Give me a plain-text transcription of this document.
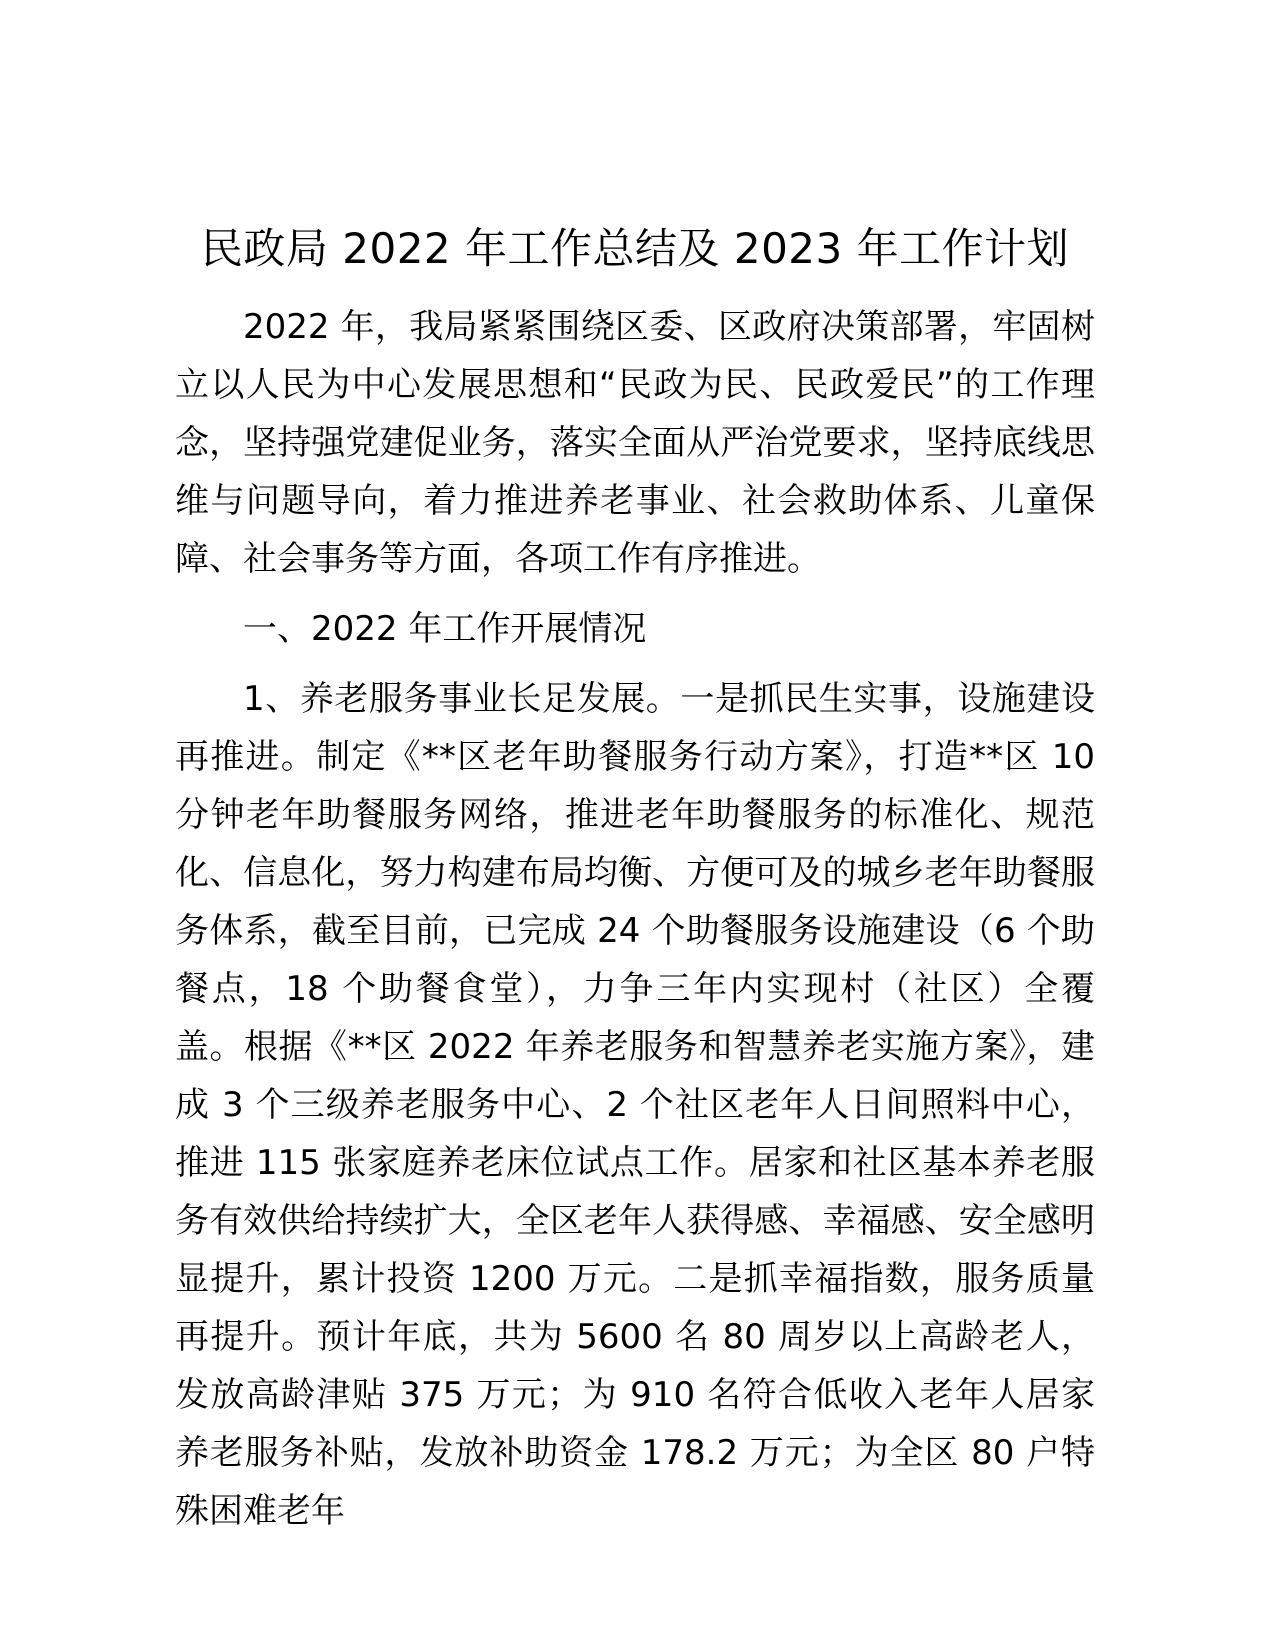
民政局 2022 年工作总结及 2023 年工作计划

2022 年，我局紧紧围绕区委、区政府决策部署，牢固树立以人民为中心发展思想和“民政为民、民政爱民”的工作理念，坚持强党建促业务，落实全面从严治党要求，坚持底线思维与问题导向，着力推进养老事业、社会救助体系、儿童保障、社会事务等方面，各项工作有序推进。

一、2022 年工作开展情况

1、养老服务事业长足发展。一是抓民生实事，设施建设再推进。制定《**区老年助餐服务行动方案》，打造**区 10 分钟老年助餐服务网络，推进老年助餐服务的标准化、规范化、信息化，努力构建布局均衡、方便可及的城乡老年助餐服务体系，截至目前，已完成 24 个助餐服务设施建设（6 个助餐点，18 个助餐食堂），力争三年内实现村（社区）全覆盖。根据《**区 2022 年养老服务和智慧养老实施方案》，建成 3 个三级养老服务中心、2 个社区老年人日间照料中心，推进 115 张家庭养老床位试点工作。居家和社区基本养老服务有效供给持续扩大，全区老年人获得感、幸福感、安全感明显提升，累计投资 1200 万元。二是抓幸福指数，服务质量再提升。预计年底，共为 5600 名 80 周岁以上高龄老人，发放高龄津贴 375 万元；为 910 名符合低收入老年人居家养老服务补贴，发放补助资金 178.2 万元；为全区 80 户特殊困难老年
